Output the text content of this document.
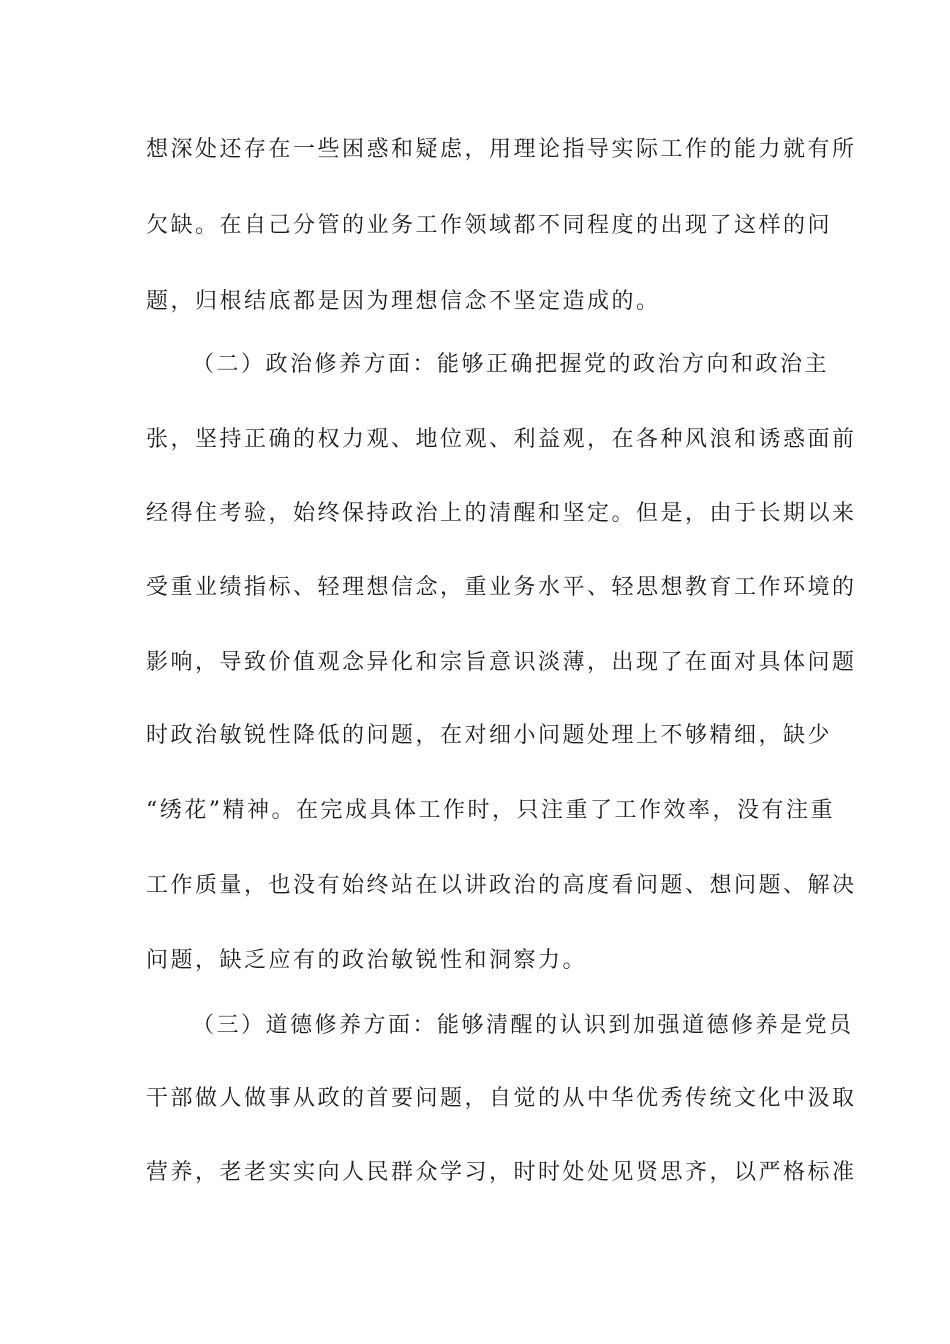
想深处还存在一些困惑和疑虑，用理论指导实际工作的能力就有所
欠缺。在自己分管的业务工作领域都不同程度的出现了这样的问
题，归根结底都是因为理想信念不坚定造成的。
（二）政治修养方面：能够正确把握党的政治方向和政治主
张，坚持正确的权力观、地位观、利益观，在各种风浪和诱惑面前
经得住考验，始终保持政治上的清醒和坚定。但是，由于长期以来
受重业绩指标、轻理想信念，重业务水平、轻思想教育工作环境的
影响，导致价值观念异化和宗旨意识淡薄，出现了在面对具体问题
时政治敏锐性降低的问题，在对细小问题处理上不够精细，缺少
“绣花”精神。在完成具体工作时，只注重了工作效率，没有注重
工作质量，也没有始终站在以讲政治的高度看问题、想问题、解决
问题，缺乏应有的政治敏锐性和洞察力。
（三）道德修养方面：能够清醒的认识到加强道德修养是党员
干部做人做事从政的首要问题，自觉的从中华优秀传统文化中汲取
营养，老老实实向人民群众学习，时时处处见贤思齐，以严格标准
